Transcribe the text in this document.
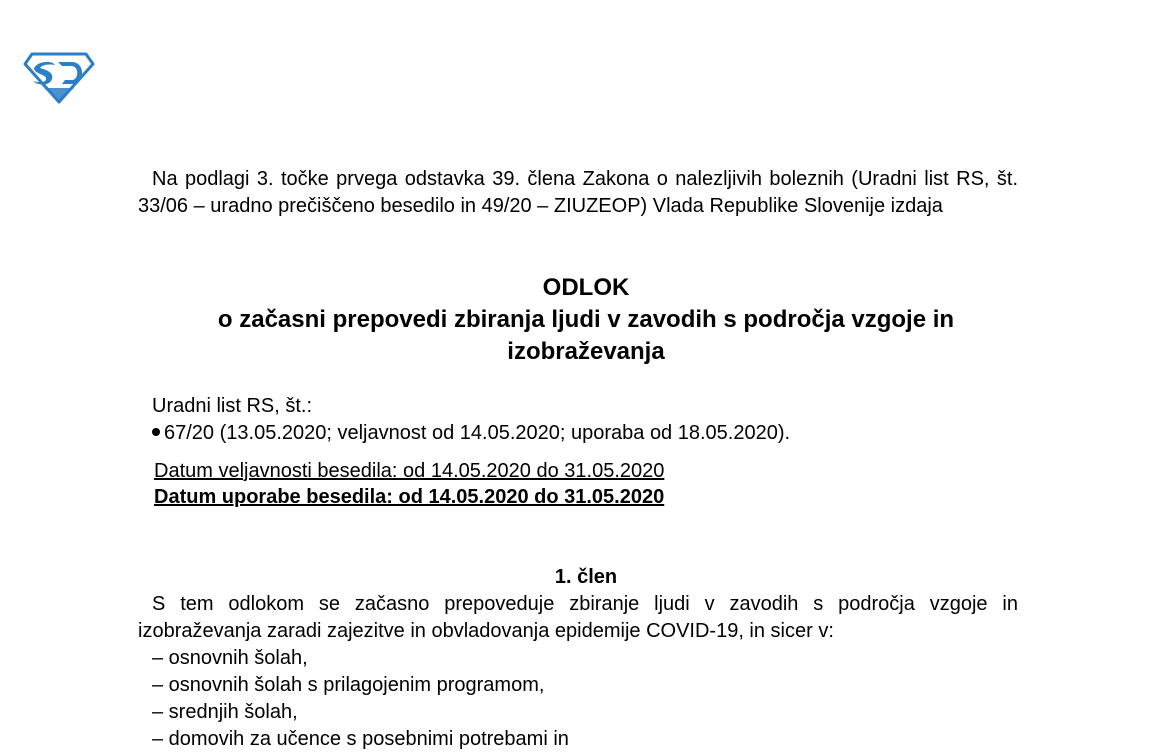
Na podlagi 3. točke prvega odstavka 39. člena Zakona o nalezljivih boleznih (Uradni list RS, št. 33/06 – uradno prečiščeno besedilo in 49/20 – ZIUZEOP) Vlada Republike Slovenije izdaja
ODLOK
o začasni prepovedi zbiranja ljudi v zavodih s področja vzgoje in izobraževanja
Uradni list RS, št.:
67/20 (13.05.2020; veljavnost od 14.05.2020; uporaba od 18.05.2020).
Datum veljavnosti besedila: od 14.05.2020 do 31.05.2020
Datum uporabe besedila: od 14.05.2020 do 31.05.2020
1. člen
S tem odlokom se začasno prepoveduje zbiranje ljudi v zavodih s področja vzgoje in izobraževanja zaradi zajezitve in obvladovanja epidemije COVID-19, in sicer v:
– osnovnih šolah,
– osnovnih šolah s prilagojenim programom,
– srednjih šolah,
– domovih za učence s posebnimi potrebami in
